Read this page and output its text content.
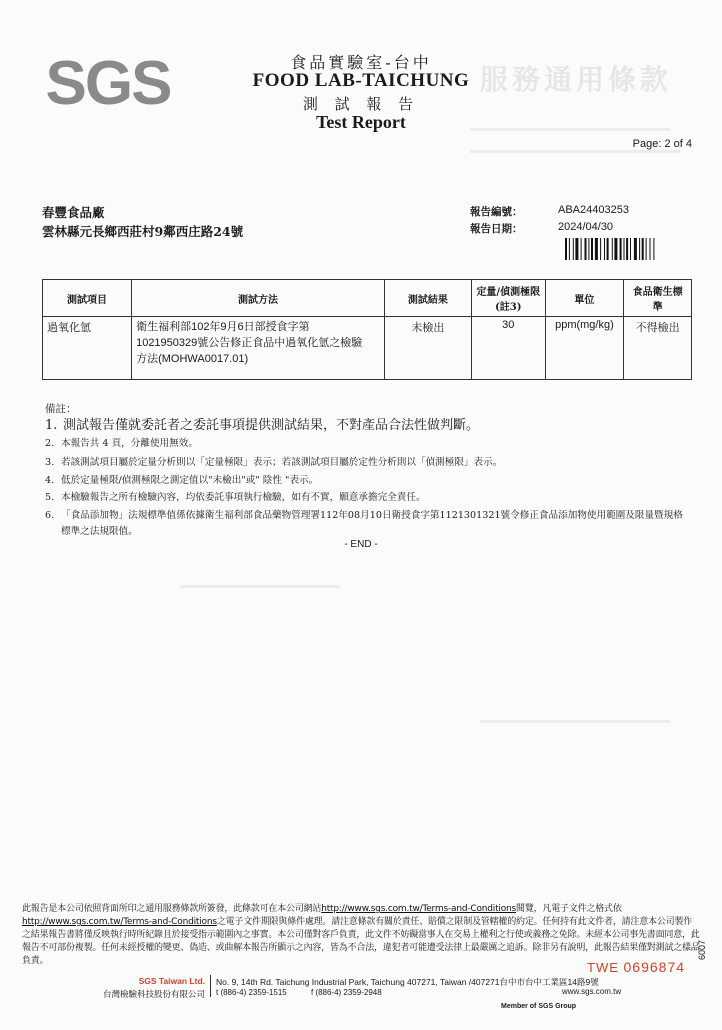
服務通用條款
SGS	食品實驗室-台中
FOOD LAB-TAICHUNG
測 試 報 告
Test Report
Page: 2 of 4
春豐食品廠
雲林縣元長鄉西莊村9鄰西庄路24號
報告編號：	ABA24403253
報告日期：	2024/04/30
測試項目	測試方法	測試結果	定量/偵測極限(註3)	單位	食品衛生標準
過氧化氫	衛生福利部102年9月6日部授食字第
1021950329號公告修正食品中過氧化氫之檢驗
方法(MOHWA0017.01)	未檢出	30	ppm(mg/kg)	不得檢出
備註：
1. 測試報告僅就委託者之委託事項提供測試結果，不對產品合法性做判斷。
2. 本報告共 4 頁，分離使用無效。
3. 若該測試項目屬於定量分析則以「定量極限」表示；若該測試項目屬於定性分析則以「偵測極限」表示。
4. 低於定量極限/偵測極限之測定值以"未檢出"或" 陰性 "表示。
5. 本檢驗報告之所有檢驗內容，均依委託事項執行檢驗，如有不實，願意承擔完全責任。
6. 「食品添加物」法規標準值係依據衛生福利部食品藥物管理署112年08月10日衛授食字第1121301321號令修正食品添加物使用範圍及限量暨規格標準之法規限值。
- END -
此報告是本公司依照背面所印之通用服務條款所簽發，此條款可在本公司網站http://www.sgs.com.tw/Terms-and-Conditions閱覽，凡電子文件之格式依
http://www.sgs.com.tw/Terms-and-Conditions之電子文件期限與條件處理。請注意條款有關於責任、賠償之限制及管轄權的約定。任何持有此文件者，請注意本公司製作之結果報告書將僅反映執行時所紀錄且於接受指示範圍內之事實。本公司僅對客戶負責，此文件不妨礙當事人在交易上權利之行使或義務之免除。未經本公司事先書面同意，此報告不可部份複製。任何未經授權的變更、偽造、或曲解本報告所顯示之內容，皆為不合法，違犯者可能遭受法律上最嚴厲之追訴。除非另有說明，此報告結果僅對測試之樣品負責。
SGS Taiwan Ltd.
台灣檢驗科技股份有限公司
No. 9, 14th Rd. Taichung Industrial Park, Taichung 407271, Taiwan /407271台中市台中工業區14路9號
t (886-4) 2359-1515	f (886-4) 2359-2948
TWE 0696874
www.sgs.com.tw
Member of SGS Group
6007
